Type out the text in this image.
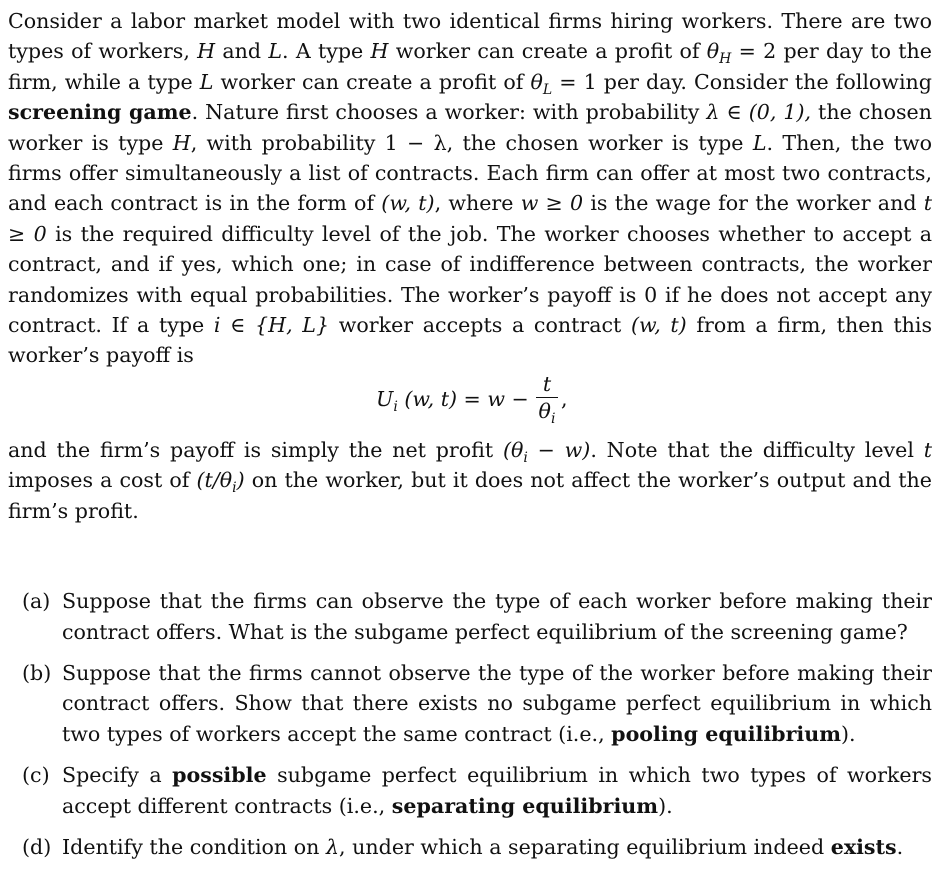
Consider a labor market model with two identical firms hiring workers. There are two types of workers, H and L. A type H worker can create a profit of $\theta_H = 2$ per day to the firm, while a type L worker can create a profit of $\theta_L = 1$ per day. Consider the following screening game. Nature first chooses a worker: with probability λ ∈ (0, 1), the chosen worker is type H, with probability 1 − λ, the chosen worker is type L. Then, the two firms offer simultaneously a list of contracts. Each firm can offer at most two contracts, and each contract is in the form of (w, t), where w ≥ 0 is the wage for the worker and t ≥ 0 is the required difficulty level of the job. The worker chooses whether to accept a contract, and if yes, which one; in case of indifference between contracts, the worker randomizes with equal probabilities. The worker’s payoff is 0 if he does not accept any contract. If a type i ∈ {H, L} worker accepts a contract (w, t) from a firm, then this worker’s payoff is

$U_i$ (w, t) = w −
t
$\theta_i$
,

and the firm’s payoff is simply the net profit $(\theta_i - w)$. Note that the difficulty level t imposes a cost of $(t/\theta_i)$ on the worker, but it does not affect the worker’s output and the firm’s profit.

(a) Suppose that the firms can observe the type of each worker before making their contract offers. What is the subgame perfect equilibrium of the screening game?
(b) Suppose that the firms cannot observe the type of the worker before making their contract offers. Show that there exists no subgame perfect equilibrium in which two types of workers accept the same contract (i.e., pooling equilibrium).
(c) Specify a possible subgame perfect equilibrium in which two types of workers accept different contracts (i.e., separating equilibrium).
(d) Identify the condition on λ, under which a separating equilibrium indeed exists.
